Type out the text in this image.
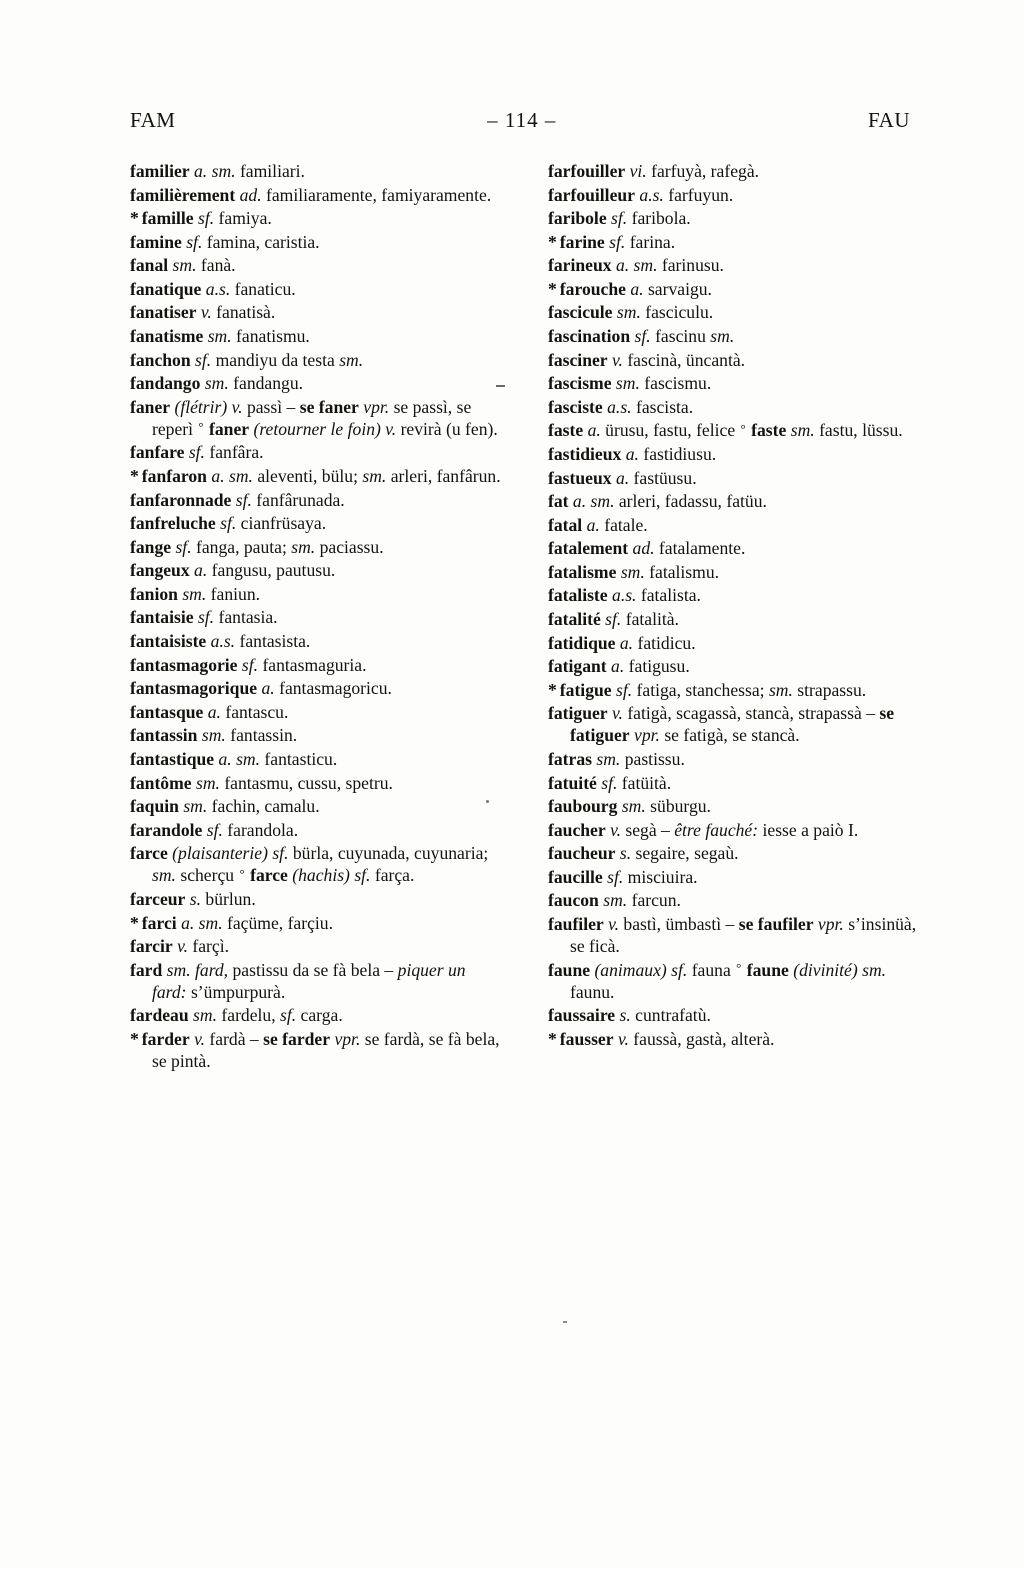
FAM	– 114 –	FAU
familier a. sm. familiari.
familièrement ad. familiaramente, famiyaramente.
* famille sf. famiya.
famine sf. famina, caristia.
fanal sm. fanà.
fanatique a.s. fanaticu.
fanatiser v. fanatisà.
fanatisme sm. fanatismu.
fanchon sf. mandiyu da testa sm.
fandango sm. fandangu.
faner (flétrir) v. passì – se faner vpr. se passì, se reperì ° faner (retourner le foin) v. revirà (u fen).
fanfare sf. fanfâra.
* fanfaron a. sm. aleventi, bülu; sm. arleri, fanfârun.
fanfaronnade sf. fanfârunada.
fanfreluche sf. cianfrüsaya.
fange sf. fanga, pauta; sm. paciassu.
fangeux a. fangusu, pautusu.
fanion sm. faniun.
fantaisie sf. fantasia.
fantaisiste a.s. fantasista.
fantasmagorie sf. fantasmaguria.
fantasmagorique a. fantasmagoricu.
fantasque a. fantascu.
fantassin sm. fantassin.
fantastique a. sm. fantasticu.
fantôme sm. fantasmu, cussu, spetru.
faquin sm. fachin, camalu.
farandole sf. farandola.
farce (plaisanterie) sf. bürla, cuyunada, cuyunaria; sm. scherçu ° farce (hachis) sf. farça.
farceur s. bürlun.
* farci a. sm. façüme, farçiu.
farcir v. farçì.
fard sm. fard, pastissu da se fà bela – piquer un fard: s’ümpurpurà.
fardeau sm. fardelu, sf. carga.
* farder v. fardà – se farder vpr. se fardà, se fà bela, se pintà.
farfouiller vi. farfuyà, rafegà.
farfouilleur a.s. farfuyun.
faribole sf. faribola.
* farine sf. farina.
farineux a. sm. farinusu.
* farouche a. sarvaigu.
fascicule sm. fasciculu.
fascination sf. fascinu sm.
fasciner v. fascinà, üncantà.
fascisme sm. fascismu.
fasciste a.s. fascista.
faste a. ürusu, fastu, felice ° faste sm. fastu, lüssu.
fastidieux a. fastidiusu.
fastueux a. fastüusu.
fat a. sm. arleri, fadassu, fatüu.
fatal a. fatale.
fatalement ad. fatalamente.
fatalisme sm. fatalismu.
fataliste a.s. fatalista.
fatalité sf. fatalità.
fatidique a. fatidicu.
fatigant a. fatigusu.
* fatigue sf. fatiga, stanchessa; sm. strapassu.
fatiguer v. fatigà, scagassà, stancà, strapassà – se fatiguer vpr. se fatigà, se stancà.
fatras sm. pastissu.
fatuité sf. fatüità.
faubourg sm. süburgu.
faucher v. segà – être fauché: iesse a paiò I.
faucheur s. segaire, segaù.
faucille sf. misciuira.
faucon sm. farcun.
faufiler v. bastì, ümbastì – se faufiler vpr. s’insinüà, se ficà.
faune (animaux) sf. fauna ° faune (divinité) sm. faunu.
faussaire s. cuntrafatù.
* fausser v. faussà, gastà, alterà.
